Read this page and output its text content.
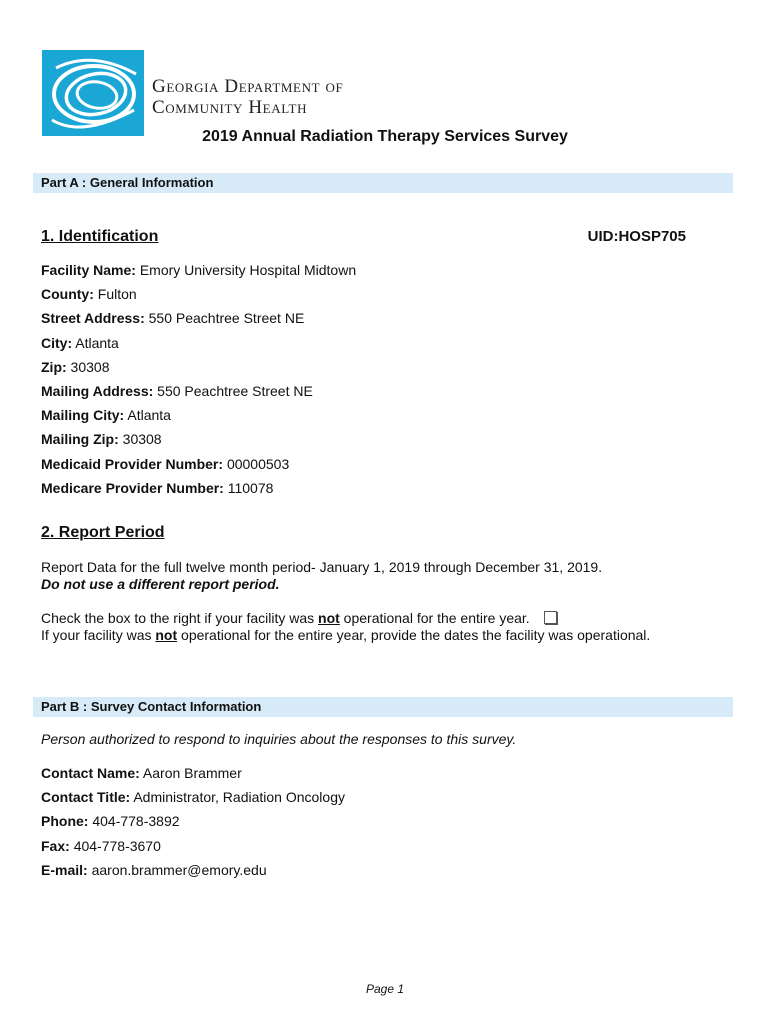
Georgia Department of
Community Health
2019 Annual Radiation Therapy Services Survey
Part A : General Information
1. Identification	UID:HOSP705
Facility Name: Emory University Hospital Midtown
County: Fulton
Street Address: 550 Peachtree Street NE
City: Atlanta
Zip: 30308
Mailing Address: 550 Peachtree Street NE
Mailing City: Atlanta
Mailing Zip: 30308
Medicaid Provider Number: 00000503
Medicare Provider Number: 110078
2. Report Period
Report Data for the full twelve month period- January 1, 2019 through December 31, 2019.
Do not use a different report period.
Check the box to the right if your facility was not operational for the entire year.
If your facility was not operational for the entire year, provide the dates the facility was operational.
Part B : Survey Contact Information
Person authorized to respond to inquiries about the responses to this survey.
Contact Name: Aaron Brammer
Contact Title: Administrator, Radiation Oncology
Phone: 404-778-3892
Fax: 404-778-3670
E-mail: aaron.brammer@emory.edu
Page 1
